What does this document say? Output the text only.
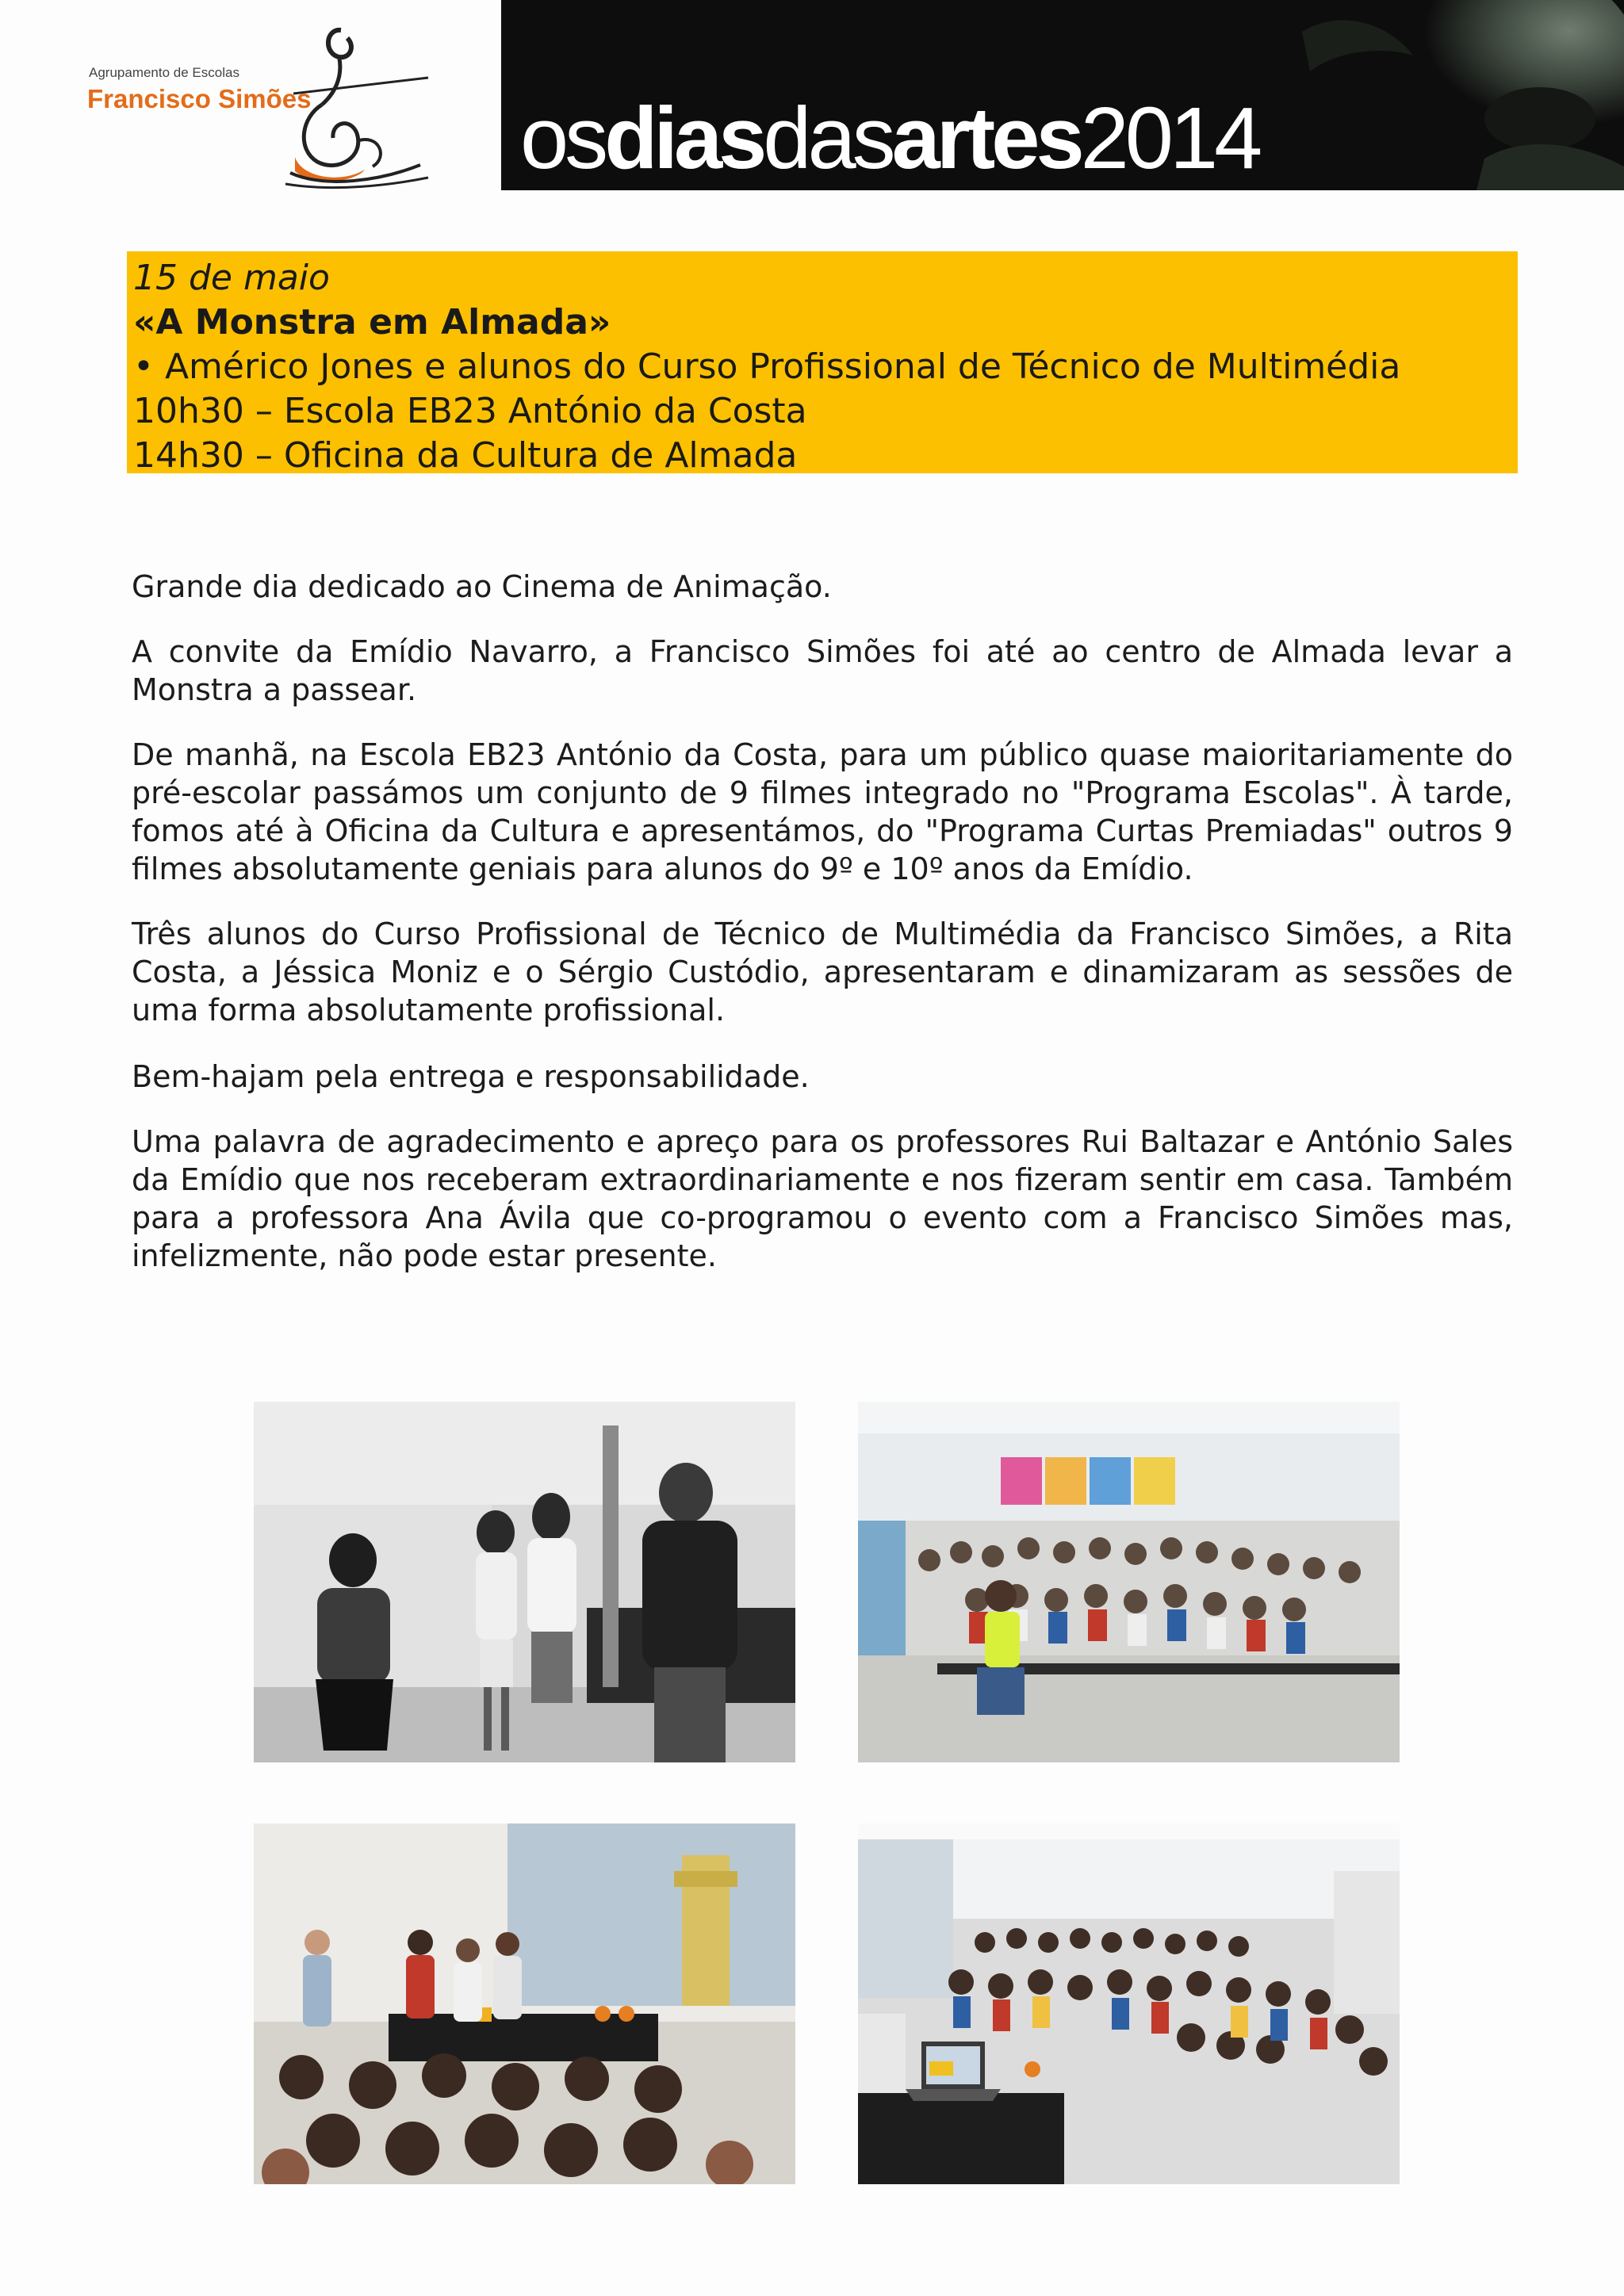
Agrupamento de Escolas
Francisco Simões osdiasdasartes2014
15 de maio
«A Monstra em Almada»
• Américo Jones e alunos do Curso Profissional de Técnico de Multimédia
10h30 – Escola EB23 António da Costa
14h30 – Oficina da Cultura de Almada

Grande dia dedicado ao Cinema de Animação.

A convite da Emídio Navarro, a Francisco Simões foi até ao centro de Almada levar a Monstra a passear.

De manhã, na Escola EB23 António da Costa, para um público quase maioritariamente do pré-escolar passámos um conjunto de 9 filmes integrado no "Programa Escolas". À tarde, fomos até à Oficina da Cultura e apresentámos, do "Programa Curtas Premiadas" outros 9 filmes absolutamente geniais para alunos do 9º e 10º anos da Emídio.

Três alunos do Curso Profissional de Técnico de Multimédia da Francisco Simões, a Rita Costa, a Jéssica Moniz e o Sérgio Custódio, apresentaram e dinamizaram as sessões de uma forma absolutamente profissional.

Bem-hajam pela entrega e responsabilidade.

Uma palavra de agradecimento e apreço para os professores Rui Baltazar e António Sales da Emídio que nos receberam extraordinariamente e nos fizeram sentir em casa. Também para a professora Ana Ávila que co-programou o evento com a Francisco Simões mas, infelizmente, não pode estar presente.
